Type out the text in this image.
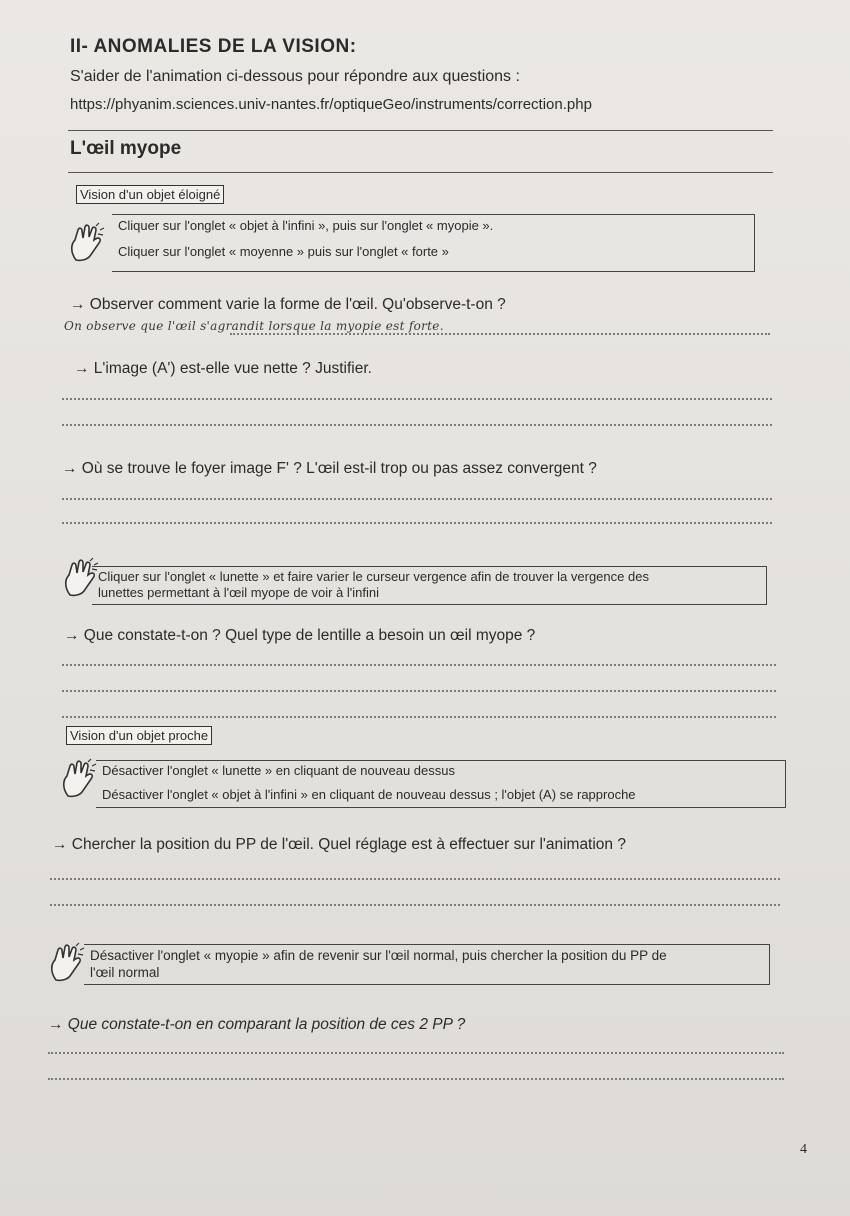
II- ANOMALIES DE LA VISION:
S'aider de l'animation ci-dessous pour répondre aux questions :
https://phyanim.sciences.univ-nantes.fr/optiqueGeo/instruments/correction.php
L'œil myope
Vision d'un objet éloigné
Cliquer sur l'onglet « objet à l'infini », puis sur l'onglet « myopie ».
Cliquer sur l'onglet « moyenne » puis sur l'onglet « forte »
→ Observer comment varie la forme de l'œil. Qu'observe-t-on ?
On observe que l'œil s'agrandit lorsque la myopie est forte.
→ L'image (A') est-elle vue nette ? Justifier.
→ Où se trouve le foyer image F' ? L'œil est-il trop ou pas assez convergent ?
Cliquer sur l'onglet « lunette » et faire varier le curseur vergence afin de trouver la vergence des
lunettes permettant à l'œil myope de voir à l'infini
→ Que constate-t-on ? Quel type de lentille a besoin un œil myope ?
Vision d'un objet proche
Désactiver l'onglet « lunette » en cliquant de nouveau dessus
Désactiver l'onglet « objet à l'infini » en cliquant de nouveau dessus ; l'objet (A) se rapproche
→ Chercher la position du PP de l'œil. Quel réglage est à effectuer sur l'animation ?
Désactiver l'onglet « myopie » afin de revenir sur l'œil normal, puis chercher la position du PP de
l'œil normal
→ Que constate-t-on en comparant la position de ces 2 PP ?
4
